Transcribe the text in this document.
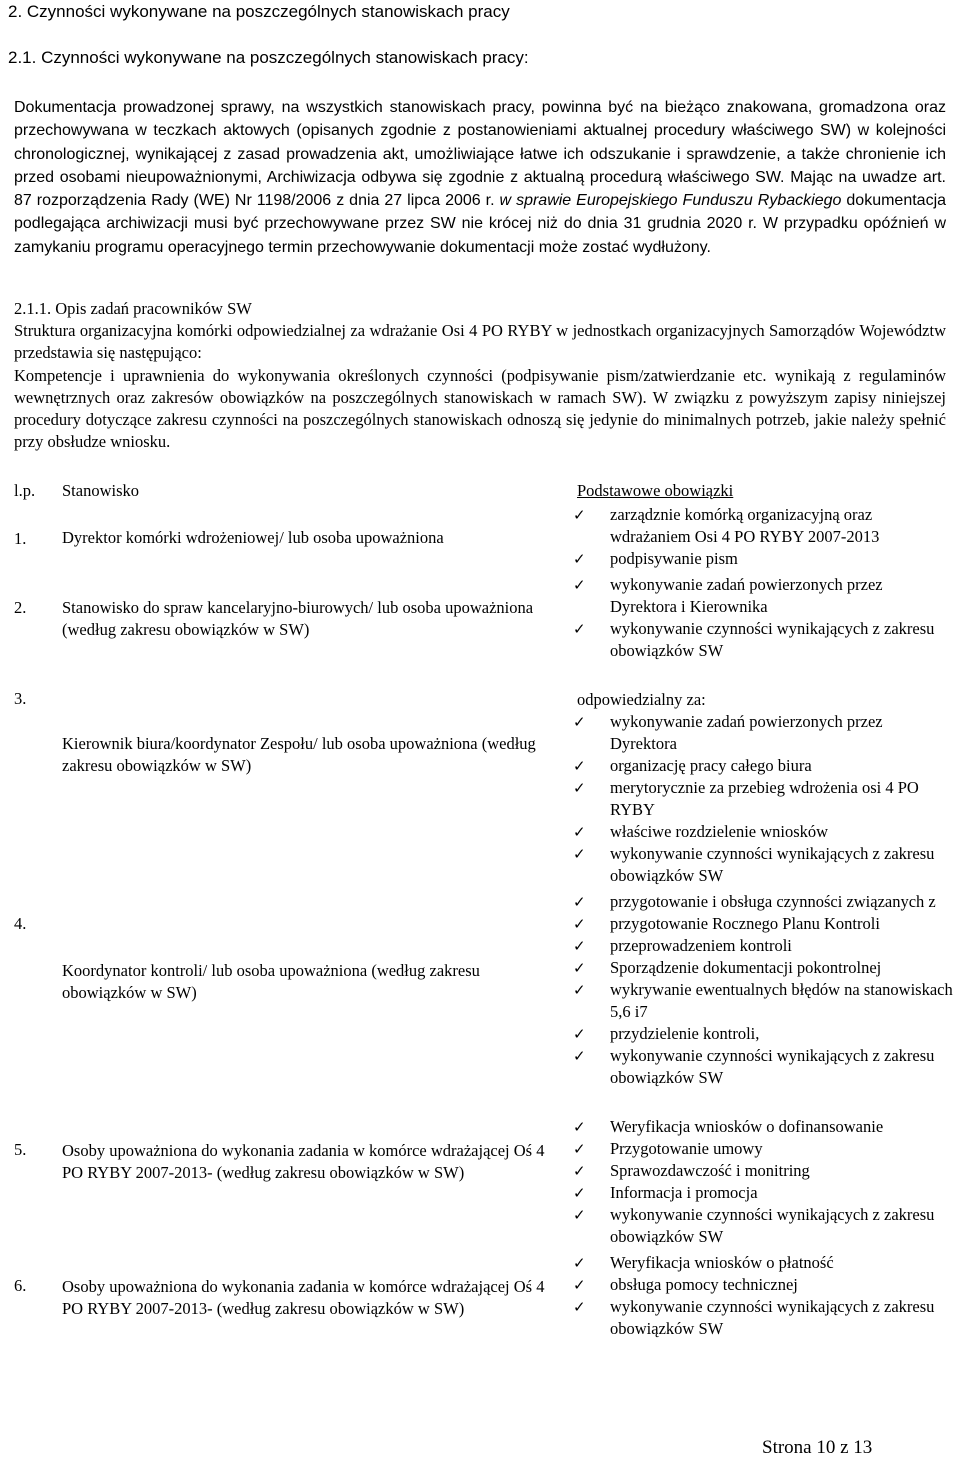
2. Czynności wykonywane na poszczególnych stanowiskach pracy
2.1. Czynności wykonywane na poszczególnych stanowiskach pracy:
Dokumentacja prowadzonej sprawy, na wszystkich stanowiskach pracy, powinna być na bieżąco znakowana, gromadzona oraz przechowywana w teczkach aktowych (opisanych zgodnie z postanowieniami aktualnej procedury właściwego SW) w kolejności chronologicznej, wynikającej z zasad prowadzenia akt, umożliwiające łatwe ich odszukanie i sprawdzenie, a także chronienie ich przed osobami nieupoważnionymi, Archiwizacja odbywa się zgodnie z aktualną procedurą właściwego SW. Mając na uwadze art. 87 rozporządzenia Rady (WE) Nr 1198/2006 z dnia 27 lipca 2006 r. w sprawie Europejskiego Funduszu Rybackiego dokumentacja podlegająca archiwizacji musi być przechowywane przez SW nie krócej niż do dnia 31 grudnia 2020 r. W przypadku opóźnień w zamykaniu programu operacyjnego termin przechowywanie dokumentacji może zostać wydłużony.
2.1.1. Opis zadań pracowników SW
Struktura organizacyjna komórki odpowiedzialnej za wdrażanie Osi 4 PO RYBY w jednostkach organizacyjnych Samorządów Województw przedstawia się następująco:
Kompetencje i uprawnienia do wykonywania określonych czynności (podpisywanie pism/zatwierdzanie etc. wynikają z regulaminów wewnętrznych oraz zakresów obowiązków na poszczególnych stanowiskach w ramach SW). W związku z powyższym zapisy niniejszej procedury dotyczące zakresu czynności na poszczególnych stanowiskach odnoszą się jedynie do minimalnych potrzeb, jakie należy spełnić przy obsłudze wniosku.
l.p. Stanowisko	Podstawowe obowiązki
1. Dyrektor komórki wdrożeniowej/ lub osoba upoważniona
✓ zarządznie komórką organizacyjną oraz wdrażaniem Osi 4 PO RYBY 2007-2013
✓ podpisywanie pism
2. Stanowisko do spraw kancelaryjno-biurowych/ lub osoba upoważniona (według zakresu obowiązków w SW)
✓ wykonywanie zadań powierzonych przez Dyrektora i Kierownika
✓ wykonywanie czynności wynikających z zakresu obowiązków SW
3.
Kierownik biura/koordynator Zespołu/ lub osoba upoważniona (według zakresu obowiązków w SW)
odpowiedzialny za:
✓ wykonywanie zadań powierzonych przez Dyrektora
✓ organizację pracy całego biura
✓ merytorycznie za przebieg wdrożenia osi 4 PO RYBY
✓ właściwe rozdzielenie wniosków
✓ wykonywanie czynności wynikających z zakresu obowiązków SW
4.
Koordynator kontroli/ lub osoba upoważniona (według zakresu obowiązków w SW)
✓ przygotowanie i obsługa czynności związanych z
✓ przygotowanie Rocznego Planu Kontroli
✓ przeprowadzeniem kontroli
✓ Sporządzenie dokumentacji pokontrolnej
✓ wykrywanie ewentualnych błędów na stanowiskach 5,6 i7
✓ przydzielenie kontroli,
✓ wykonywanie czynności wynikających z zakresu obowiązków SW
5. Osoby upoważniona do wykonania zadania w komórce wdrażającej Oś 4 PO RYBY 2007-2013- (według zakresu obowiązków w SW)
✓ Weryfikacja wniosków o dofinansowanie
✓ Przygotowanie umowy
✓ Sprawozdawczość i monitring
✓ Informacja i promocja
✓ wykonywanie czynności wynikających z zakresu obowiązków SW
6. Osoby upoważniona do wykonania zadania w komórce wdrażającej Oś 4 PO RYBY 2007-2013- (według zakresu obowiązków w SW)
✓ Weryfikacja wniosków o płatność
✓ obsługa pomocy technicznej
✓ wykonywanie czynności wynikających z zakresu obowiązków SW
Strona 10 z 13
